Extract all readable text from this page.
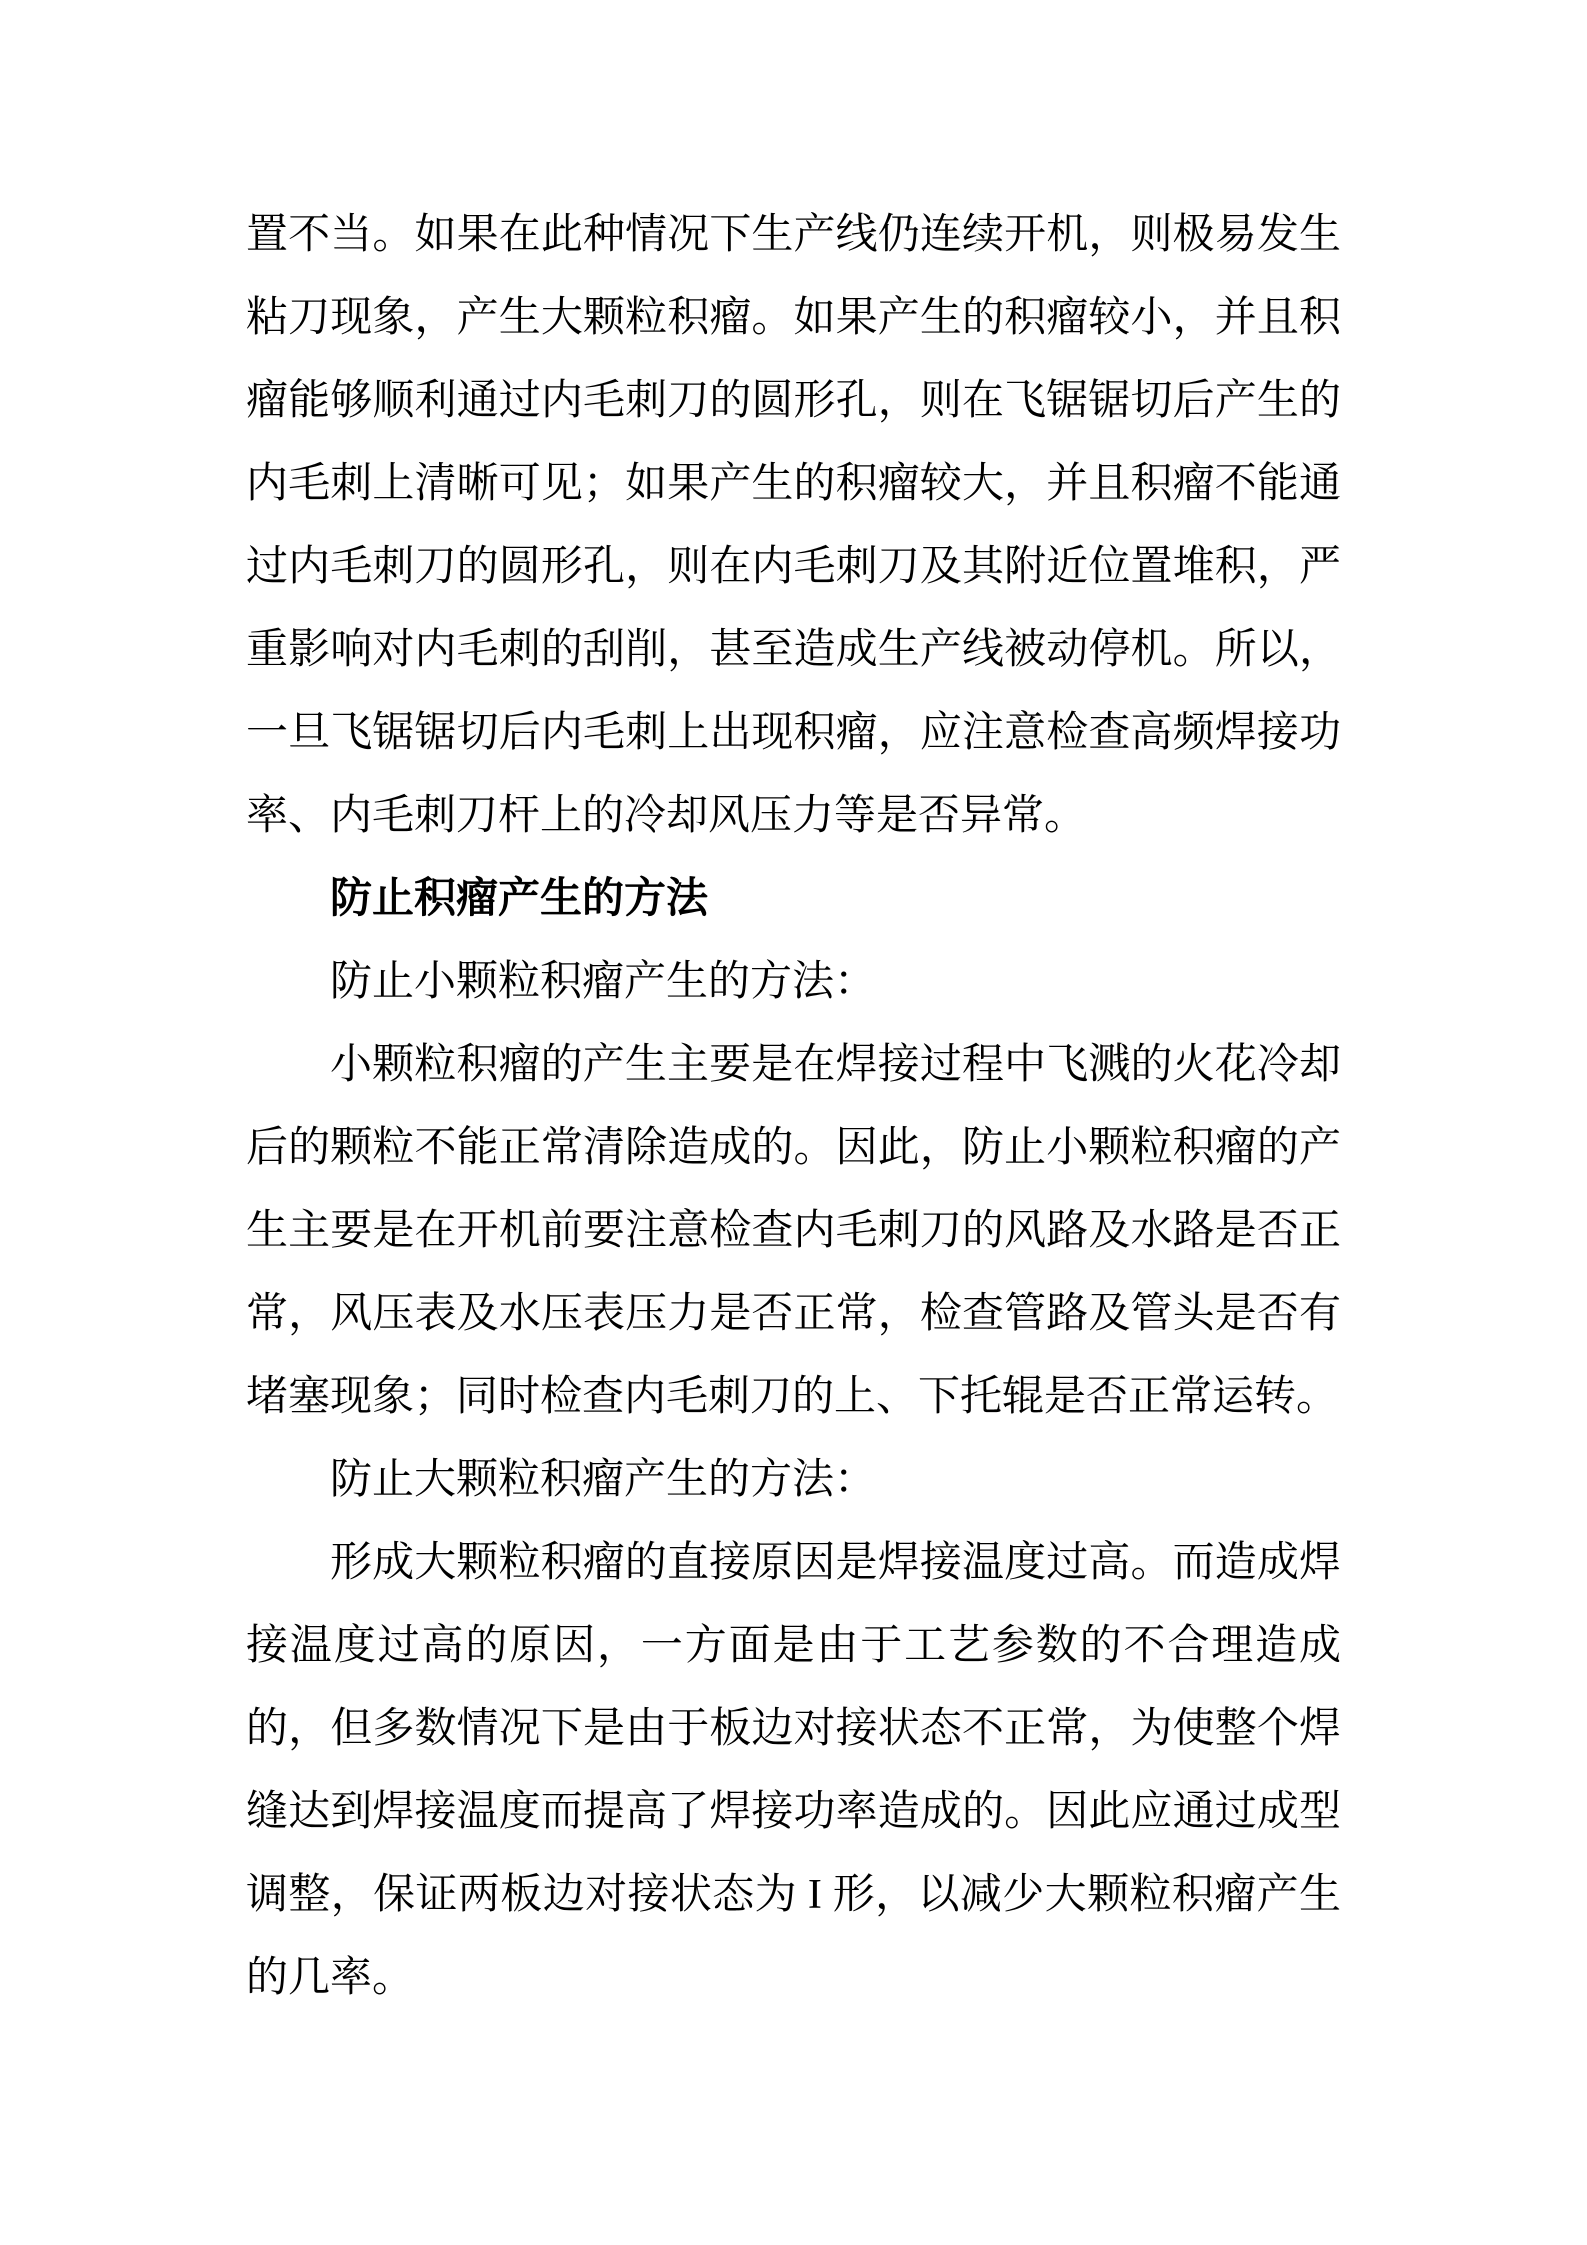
置不当。如果在此种情况下生产线仍连续开机，则极易发生粘刀现象，产生大颗粒积瘤。如果产生的积瘤较小，并且积瘤能够顺利通过内毛刺刀的圆形孔，则在飞锯锯切后产生的内毛刺上清晰可见；如果产生的积瘤较大，并且积瘤不能通过内毛刺刀的圆形孔，则在内毛刺刀及其附近位置堆积，严重影响对内毛刺的刮削，甚至造成生产线被动停机。所以，一旦飞锯锯切后内毛刺上出现积瘤，应注意检查高频焊接功率、内毛刺刀杆上的冷却风压力等是否异常。

防止积瘤产生的方法

防止小颗粒积瘤产生的方法：

小颗粒积瘤的产生主要是在焊接过程中飞溅的火花冷却后的颗粒不能正常清除造成的。因此，防止小颗粒积瘤的产生主要是在开机前要注意检查内毛刺刀的风路及水路是否正常，风压表及水压表压力是否正常，检查管路及管头是否有堵塞现象；同时检查内毛刺刀的上、下托辊是否正常运转。

防止大颗粒积瘤产生的方法：

形成大颗粒积瘤的直接原因是焊接温度过高。而造成焊接温度过高的原因，一方面是由于工艺参数的不合理造成的，但多数情况下是由于板边对接状态不正常，为使整个焊缝达到焊接温度而提高了焊接功率造成的。因此应通过成型调整，保证两板边对接状态为 I 形，以减少大颗粒积瘤产生的几率。
